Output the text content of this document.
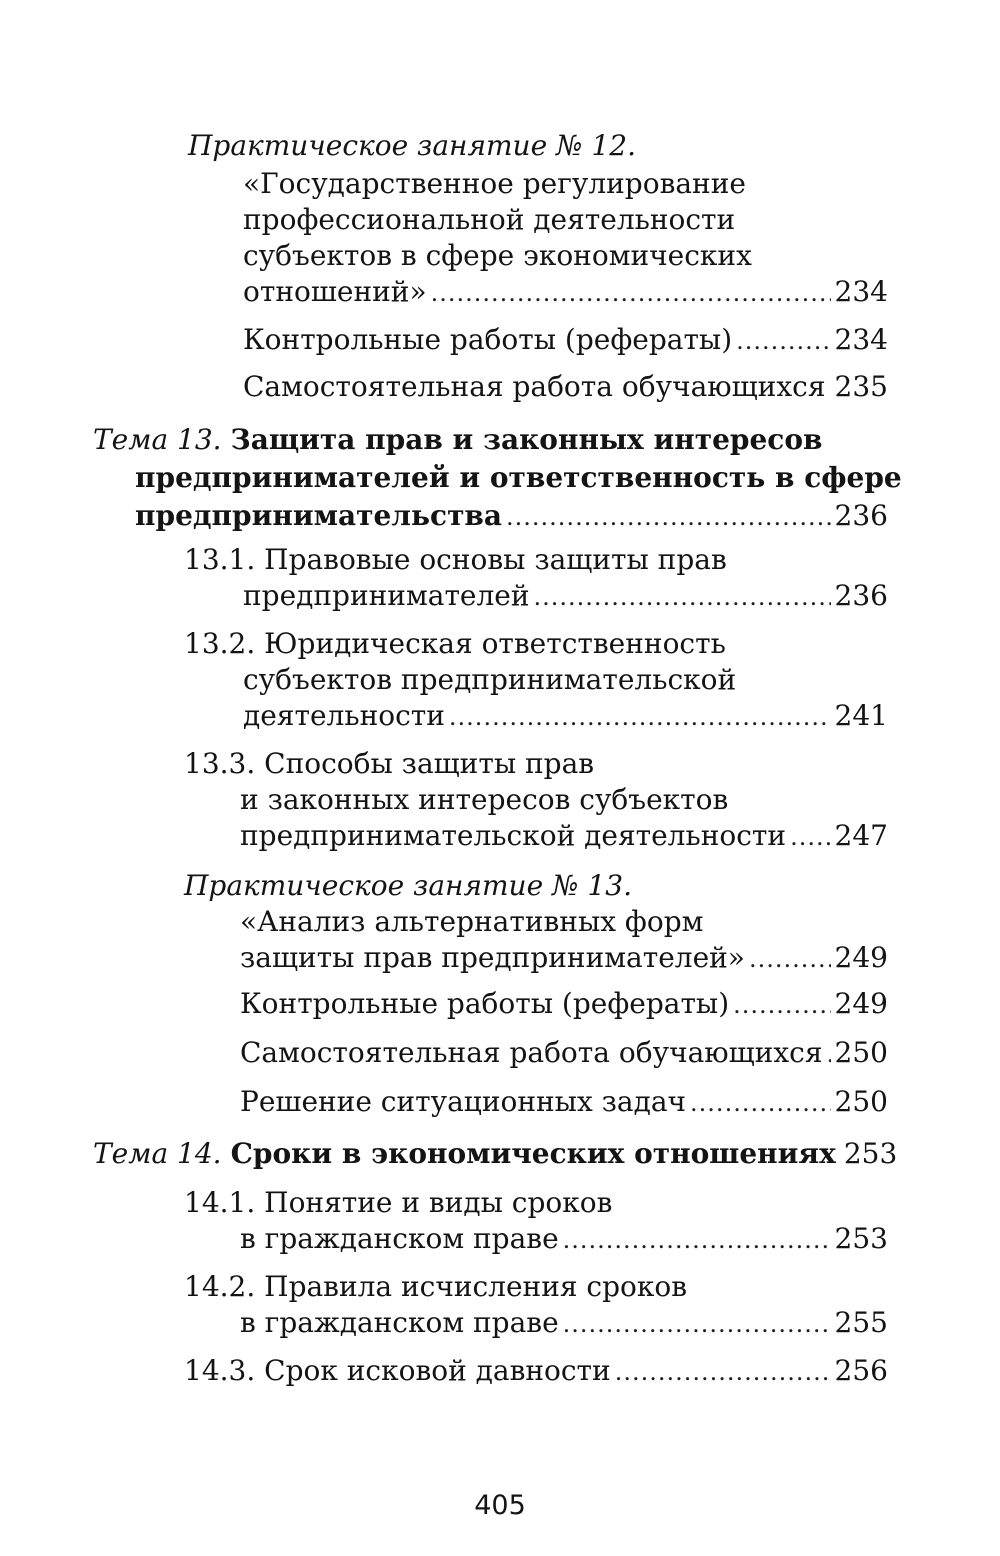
Практическое занятие № 12.
«Государственное регулирование
профессиональной деятельности
субъектов в сфере экономических
отношений» .....	234
Контрольные работы (рефераты) .....	234
Самостоятельная работа обучающихся ..... 235
Тема 13. Защита прав и законных интересов
предпринимателей и ответственность в сфере
предпринимательства .....	236
13.1. Правовые основы защиты прав
предпринимателей .....	236
13.2. Юридическая ответственность
субъектов предпринимательской
деятельности .....	241
13.3. Способы защиты прав
и законных интересов субъектов
предпринимательской деятельности ..... 247
Практическое занятие № 13.
«Анализ альтернативных форм
защиты прав предпринимателей» .....	249
Контрольные работы (рефераты) .....	249
Самостоятельная работа обучающихся ..... 250
Решение ситуационных задач .....	250
Тема 14. Сроки в экономических отношениях 253
14.1. Понятие и виды сроков
в гражданском праве .....	253
14.2. Правила исчисления сроков
в гражданском праве .....	255
14.3. Срок исковой давности .....	256
405
